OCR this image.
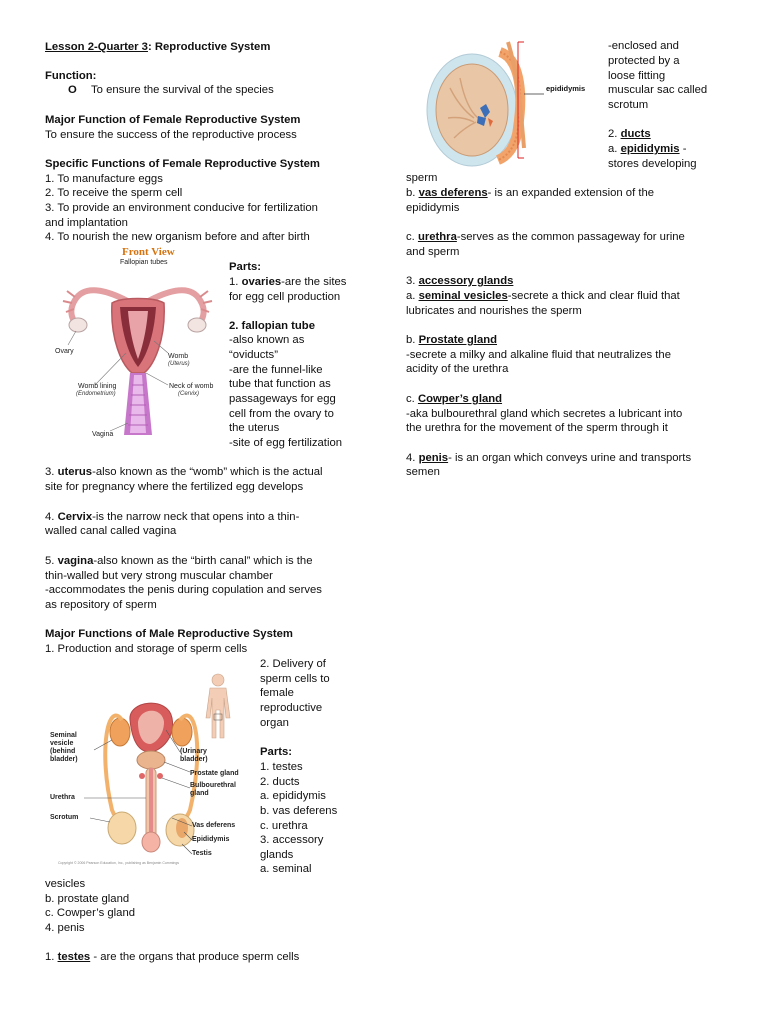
Lesson 2-Quarter 3: Reproductive System
Function:
O To ensure the survival of the species
Major Function of Female Reproductive System
To ensure the success of the reproductive process
Specific Functions of Female Reproductive System
1. To manufacture eggs
2. To receive the sperm cell
3. To provide an environment conducive for fertilization
and implantation
4. To nourish the new organism before and after birth
Front View
Fallopian tubes
Ovary
Womb
(Uterus)
Womb lining
(Endometrium)
Neck of womb
(Cervix)
Vagina
Parts:
1. ovaries-are the sites
for egg cell production
2. fallopian tube
-also known as
“oviducts”
-are the funnel-like
tube that function as
passageways for egg
cell from the ovary to
the uterus
-site of egg fertilization
3. uterus-also known as the “womb” which is the actual
site for pregnancy where the fertilized egg develops
4. Cervix-is the narrow neck that opens into a thin-
walled canal called vagina
5. vagina-also known as the “birth canal” which is the
thin-walled but very strong muscular chamber
-accommodates the penis during copulation and serves
as repository of sperm
Major Functions of Male Reproductive System
1. Production and storage of sperm cells
Seminal
vesicle
(behind
bladder)
(Urinary
bladder)
Prostate gland
Bulbourethral
gland
Urethra
Scrotum
Vas deferens
Epididymis
Testis
Copyright © 2006 Pearson Education, Inc., publishing as Benjamin Cummings
2. Delivery of
sperm cells to
female
reproductive
organ
Parts:
1. testes
2. ducts
a. epididymis
b. vas deferens
c. urethra
3. accessory
glands
a. seminal
vesicles
b. prostate gland
c. Cowper’s gland
4. penis
1. testes - are the organs that produce sperm cells
epididymis
-enclosed and
protected by a
loose fitting
muscular sac called
scrotum
2. ducts
a. epididymis -
stores developing
sperm
b. vas deferens- is an expanded extension of the
epididymis
c. urethra-serves as the common passageway for urine
and sperm
3. accessory glands
a. seminal vesicles-secrete a thick and clear fluid that
lubricates and nourishes the sperm
b. Prostate gland
-secrete a milky and alkaline fluid that neutralizes the
acidity of the urethra
c. Cowper’s gland
-aka bulbourethral gland which secretes a lubricant into
the urethra for the movement of the sperm through it
4. penis- is an organ which conveys urine and transports
semen
